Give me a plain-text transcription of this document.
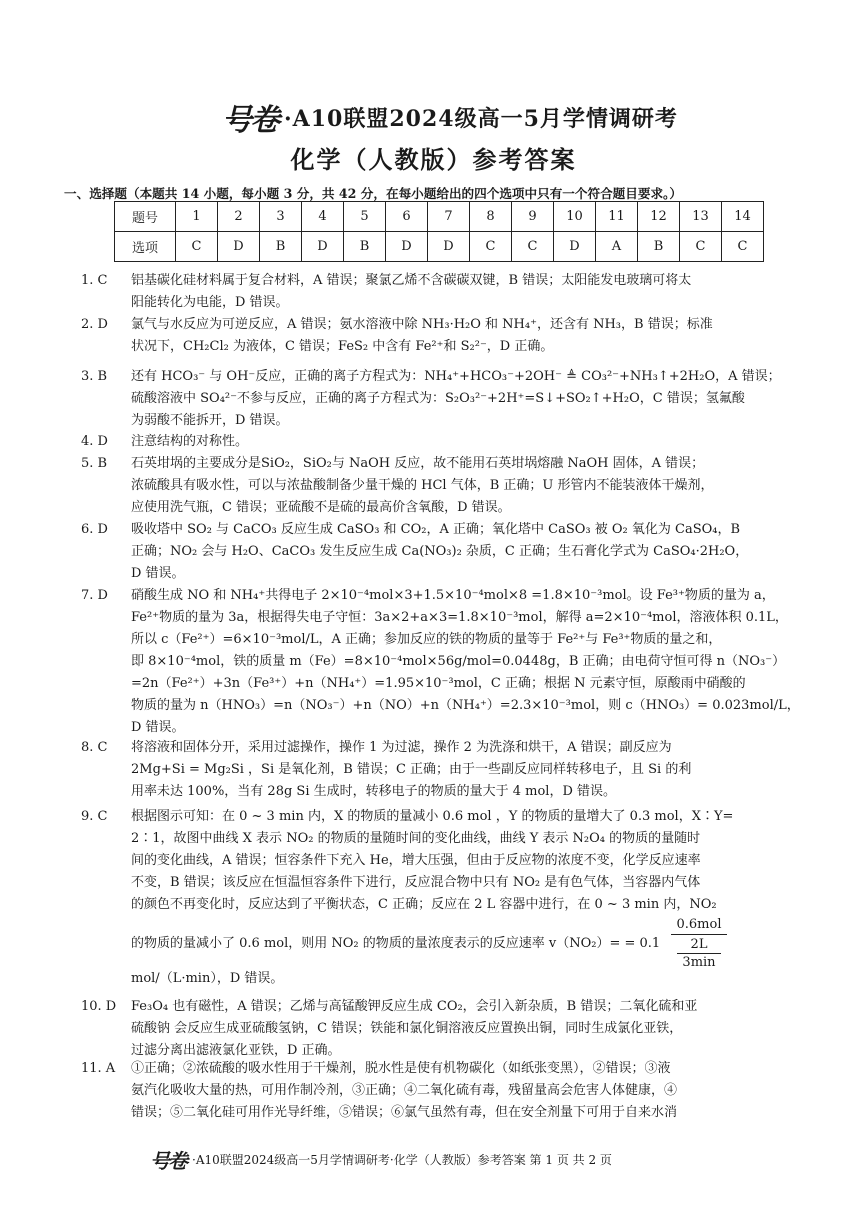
号卷 ·A10联盟2024级高一5月学情调研考
化学（人教版）参考答案
一、选择题（本题共 14 小题，每小题 3 分，共 42 分，在每小题给出的四个选项中只有一个符合题目要求。）
题号	1	2	3	4	5	6	7	8	9	10	11	12	13	14
选项	C	D	B	D	B	D	D	C	C	D	A	B	C	C
1. C 铝基碳化硅材料属于复合材料，A 错误；聚氯乙烯不含碳碳双键，B 错误；太阳能发电玻璃可将太

阳能转化为电能，D 错误。

2. D 氯气与水反应为可逆反应，A 错误；氨水溶液中除 NH₃·H₂O 和 NH₄⁺，还含有 NH₃，B 错误；标准

状况下，CH₂Cl₂ 为液体，C 错误；FeS₂ 中含有 Fe²⁺和 S₂²⁻，D 正确。

3. B 还有 HCO₃⁻ 与 OH⁻反应，正确的离子方程式为：NH₄⁺+HCO₃⁻+2OH⁻ ≜ CO₃²⁻+NH₃↑+2H₂O，A 错误；

硫酸溶液中 SO₄²⁻不参与反应，正确的离子方程式为：S₂O₃²⁻+2H⁺=S↓+SO₂↑+H₂O，C 错误；氢氟酸

为弱酸不能拆开，D 错误。

4. D 注意结构的对称性。

5. B 石英坩埚的主要成分是SiO₂，SiO₂与 NaOH 反应，故不能用石英坩埚熔融 NaOH 固体，A 错误；

浓硫酸具有吸水性，可以与浓盐酸制备少量干燥的 HCl 气体，B 正确；U 形管内不能装液体干燥剂，

应使用洗气瓶，C 错误；亚硫酸不是硫的最高价含氧酸，D 错误。

6. D 吸收塔中 SO₂ 与 CaCO₃ 反应生成 CaSO₃ 和 CO₂，A 正确；氧化塔中 CaSO₃ 被 O₂ 氧化为 CaSO₄，B

正确；NO₂ 会与 H₂O、CaCO₃ 发生反应生成 Ca(NO₃)₂ 杂质，C 正确；生石膏化学式为 CaSO₄·2H₂O，

D 错误。

7. D 硝酸生成 NO 和 NH₄⁺共得电子 2×10⁻⁴mol×3+1.5×10⁻⁴mol×8 =1.8×10⁻³mol。设 Fe³⁺物质的量为 a，

Fe²⁺物质的量为 3a，根据得失电子守恒：3a×2+a×3=1.8×10⁻³mol，解得 a=2×10⁻⁴mol，溶液体积 0.1L，

所以 c（Fe²⁺）=6×10⁻³mol/L，A 正确；参加反应的铁的物质的量等于 Fe²⁺与 Fe³⁺物质的量之和，

即 8×10⁻⁴mol，铁的质量 m（Fe）=8×10⁻⁴mol×56g/mol=0.0448g，B 正确；由电荷守恒可得 n（NO₃⁻）

=2n（Fe²⁺）+3n（Fe³⁺）+n（NH₄⁺）=1.95×10⁻³mol，C 正确；根据 N 元素守恒，原酸雨中硝酸的

物质的量为 n（HNO₃）=n（NO₃⁻）+n（NO）+n（NH₄⁺）=2.3×10⁻³mol，则 c（HNO₃）= 0.023mol/L，

D 错误。

8. C 将溶液和固体分开，采用过滤操作，操作 1 为过滤，操作 2 为洗涤和烘干，A 错误；副反应为

2Mg+Si = Mg₂Si ，Si 是氧化剂，B 错误；C 正确；由于一些副反应同样转移电子，且 Si 的利

用率未达 100%，当有 28g Si 生成时，转移电子的物质的量大于 4 mol，D 错误。

9. C 根据图示可知：在 0 ~ 3 min 内，X 的物质的量减小 0.6 mol ，Y 的物质的量增大了 0.3 mol，X∶Y=

2∶1，故图中曲线 X 表示 NO₂ 的物质的量随时间的变化曲线，曲线 Y 表示 N₂O₄ 的物质的量随时

间的变化曲线，A 错误；恒容条件下充入 He，增大压强，但由于反应物的浓度不变，化学反应速率

不变，B 错误；该反应在恒温恒容条件下进行，反应混合物中只有 NO₂ 是有色气体，当容器内气体

的颜色不再变化时，反应达到了平衡状态，C 正确；反应在 2 L 容器中进行，在 0 ~ 3 min 内，NO₂

的物质的量减小了 0.6 mol，则用 NO₂ 的物质的量浓度表示的反应速率 v（NO₂）= = 0.1

mol/（L·min），D 错误。

10. D Fe₃O₄ 也有磁性，A 错误；乙烯与高锰酸钾反应生成 CO₂，会引入新杂质，B 错误；二氧化硫和亚

硫酸钠 会反应生成亚硫酸氢钠，C 错误；铁能和氯化铜溶液反应置换出铜，同时生成氯化亚铁，

过滤分离出滤液氯化亚铁，D 正确。

11. A ①正确；②浓硫酸的吸水性用于干燥剂，脱水性是使有机物碳化（如纸张变黑），②错误；③液

氨汽化吸收大量的热，可用作制冷剂，③正确；④二氧化硫有毒，残留量高会危害人体健康，④

错误；⑤二氧化硅可用作光导纤维，⑤错误；⑥氯气虽然有毒，但在安全剂量下可用于自来水消

0.6mol
2L
3min
号卷 ·A10联盟2024级高一5月学情调研考·化学（人教版）参考答案 第 1 页 共 2 页
